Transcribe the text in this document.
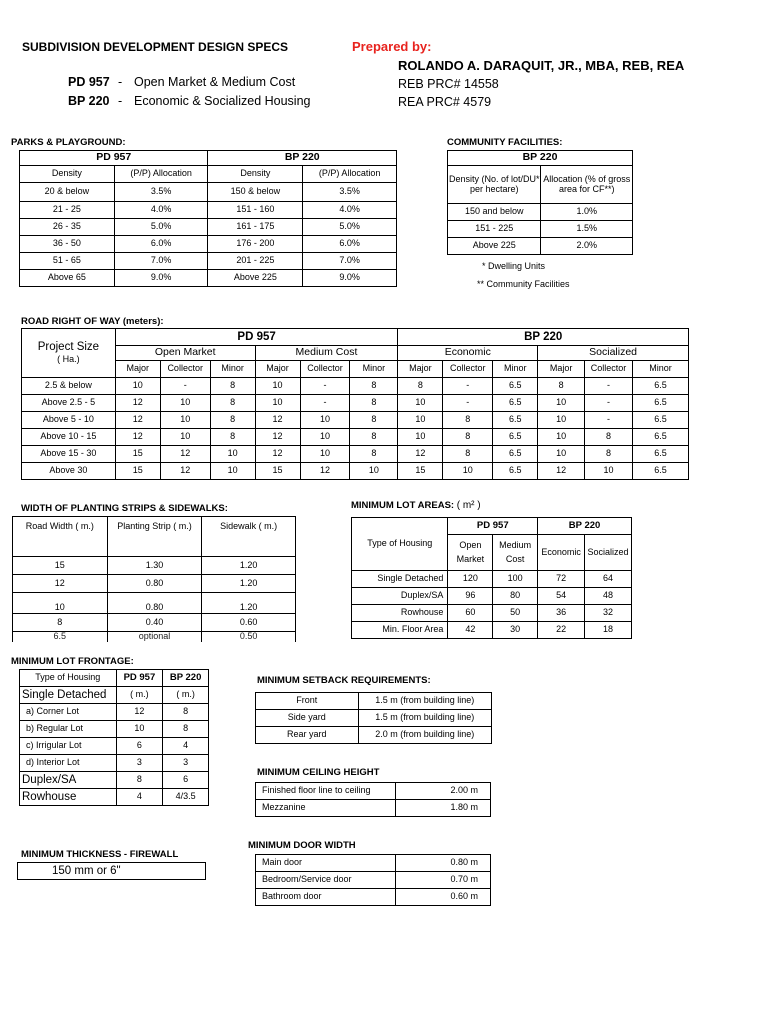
SUBDIVISION DEVELOPMENT DESIGN SPECS	Prepared by:
ROLANDO A. DARAQUIT, JR., MBA, REB, REA
REB PRC# 14558
REA PRC# 4579
PD 957 - Open Market & Medium Cost
BP 220 - Economic & Socialized Housing
PARKS & PLAYGROUND:
PD 957		BP 220	
Density	(P/P) Allocation	Density	(P/P) Allocation
20 & below	3.5%	150 & below	3.5%
21 - 25	4.0%	151 - 160	4.0%
26 - 35	5.0%	161 - 175	5.0%
36 - 50	6.0%	176 - 200	6.0%
51 - 65	7.0%	201 - 225	7.0%
Above 65	9.0%	Above 225	9.0%
COMMUNITY FACILITIES:
BP 220	
Density (No. of lot/DU* per hectare)	Allocation (% of gross area for CF**)
150 and below	1.0%
151 - 225	1.5%
Above 225	2.0%
* Dwelling Units
** Community Facilities
ROAD RIGHT OF WAY (meters):
Project Size
( Ha.)	PD 957						BP 220					
	Open Market			Medium Cost			Economic			Socialized		
	Major	Collector	Minor	Major	Collector	Minor	Major	Collector	Minor	Major	Collector	Minor
2.5 & below	10	-	8	10	-	8	8	-	6.5	8	-	6.5
Above 2.5 - 5	12	10	8	10	-	8	10	-	6.5	10	-	6.5
Above 5 - 10	12	10	8	12	10	8	10	8	6.5	10	-	6.5
Above 10 - 15	12	10	8	12	10	8	10	8	6.5	10	8	6.5
Above 15 - 30	15	12	10	12	10	8	12	8	6.5	10	8	6.5
Above 30	15	12	10	15	12	10	15	10	6.5	12	10	6.5
WIDTH OF PLANTING STRIPS & SIDEWALKS:
Road Width ( m.)	Planting Strip ( m.)	Sidewalk ( m.)
15	1.30	1.20
12	0.80	1.20
10	0.80	1.20
8	0.40	0.60
6.5	optional	0.50
MINIMUM LOT AREAS: ( m² )
Type of Housing	PD 957		BP 220	
	Open Market	Medium Cost	Economic	Socialized
Single Detached	120	100	72	64
Duplex/SA	96	80	54	48
Rowhouse	60	50	36	32
Min. Floor Area	42	30	22	18
MINIMUM LOT FRONTAGE:
Type of Housing	PD 957	BP 220
Single Detached	( m.)	( m.)
a) Corner Lot	12	8
b) Regular Lot	10	8
c) Irrigular Lot	6	4
d) Interior Lot	3	3
Duplex/SA	8	6
Rowhouse	4	4/3.5
MINIMUM SETBACK REQUIREMENTS:
Front	1.5 m (from building line)
Side yard	1.5 m (from building line)
Rear yard	2.0 m (from building line)
MINIMUM CEILING HEIGHT
Finished floor line to ceiling	2.00 m
Mezzanine	1.80 m
MINIMUM THICKNESS - FIREWALL
150 mm or 6"
MINIMUM DOOR WIDTH
Main door	0.80 m
Bedroom/Service door	0.70 m
Bathroom door	0.60 m
